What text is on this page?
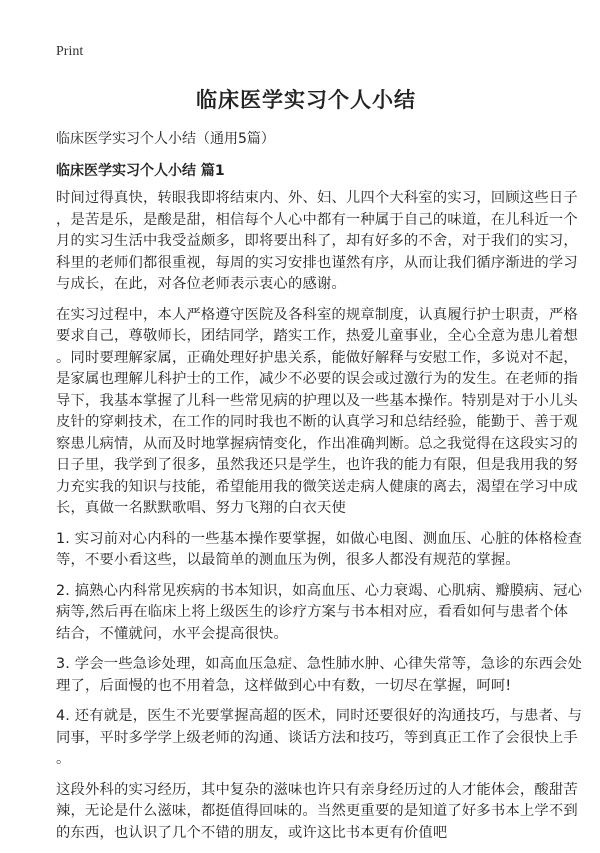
Print
临床医学实习个人小结
临床医学实习个人小结（通用5篇）
临床医学实习个人小结 篇1
时间过得真快，转眼我即将结束内、外、妇、儿四个大科室的实习，回顾这些日子
，是苦是乐，是酸是甜，相信每个人心中都有一种属于自己的味道，在儿科近一个
月的实习生活中我受益颇多，即将要出科了，却有好多的不舍，对于我们的实习，
科里的老师们都很重视，每周的实习安排也谨然有序，从而让我们循序渐进的学习
与成长，在此，对各位老师表示衷心的感谢。
在实习过程中，本人严格遵守医院及各科室的规章制度，认真履行护士职责，严格
要求自己，尊敬师长，团结同学，踏实工作，热爱儿童事业，全心全意为患儿着想
。同时要理解家属，正确处理好护患关系，能做好解释与安慰工作，多说对不起，
是家属也理解儿科护士的工作，减少不必要的误会或过激行为的发生。在老师的指
导下，我基本掌握了儿科一些常见病的护理以及一些基本操作。特别是对于小儿头
皮针的穿刺技术，在工作的同时我也不断的认真学习和总结经验，能勤于、善于观
察患儿病情，从而及时地掌握病情变化，作出准确判断。总之我觉得在这段实习的
日子里，我学到了很多，虽然我还只是学生，也许我的能力有限，但是我用我的努
力充实我的知识与技能，希望能用我的微笑送走病人健康的离去，渴望在学习中成
长，真做一名默默歌唱、努力飞翔的白衣天使
1. 实习前对心内科的一些基本操作要掌握，如做心电图、测血压、心脏的体格检查
等，不要小看这些，以最简单的测血压为例，很多人都没有规范的掌握。
2. 搞熟心内科常见疾病的书本知识，如高血压、心力衰竭、心肌病、瓣膜病、冠心
病等,然后再在临床上将上级医生的诊疗方案与书本相对应，看看如何与患者个体
结合，不懂就问，水平会提高很快。
3. 学会一些急诊处理，如高血压急症、急性肺水肿、心律失常等，急诊的东西会处
理了，后面慢的也不用着急，这样做到心中有数，一切尽在掌握，呵呵!
4. 还有就是，医生不光要掌握高超的医术，同时还要很好的沟通技巧，与患者、与
同事，平时多学学上级老师的沟通、谈话方法和技巧，等到真正工作了会很快上手
。
这段外科的实习经历，其中复杂的滋味也许只有亲身经历过的人才能体会，酸甜苦
辣，无论是什么滋味，都挺值得回味的。当然更重要的是知道了好多书本上学不到
的东西，也认识了几个不错的朋友，或许这比书本更有价值吧
